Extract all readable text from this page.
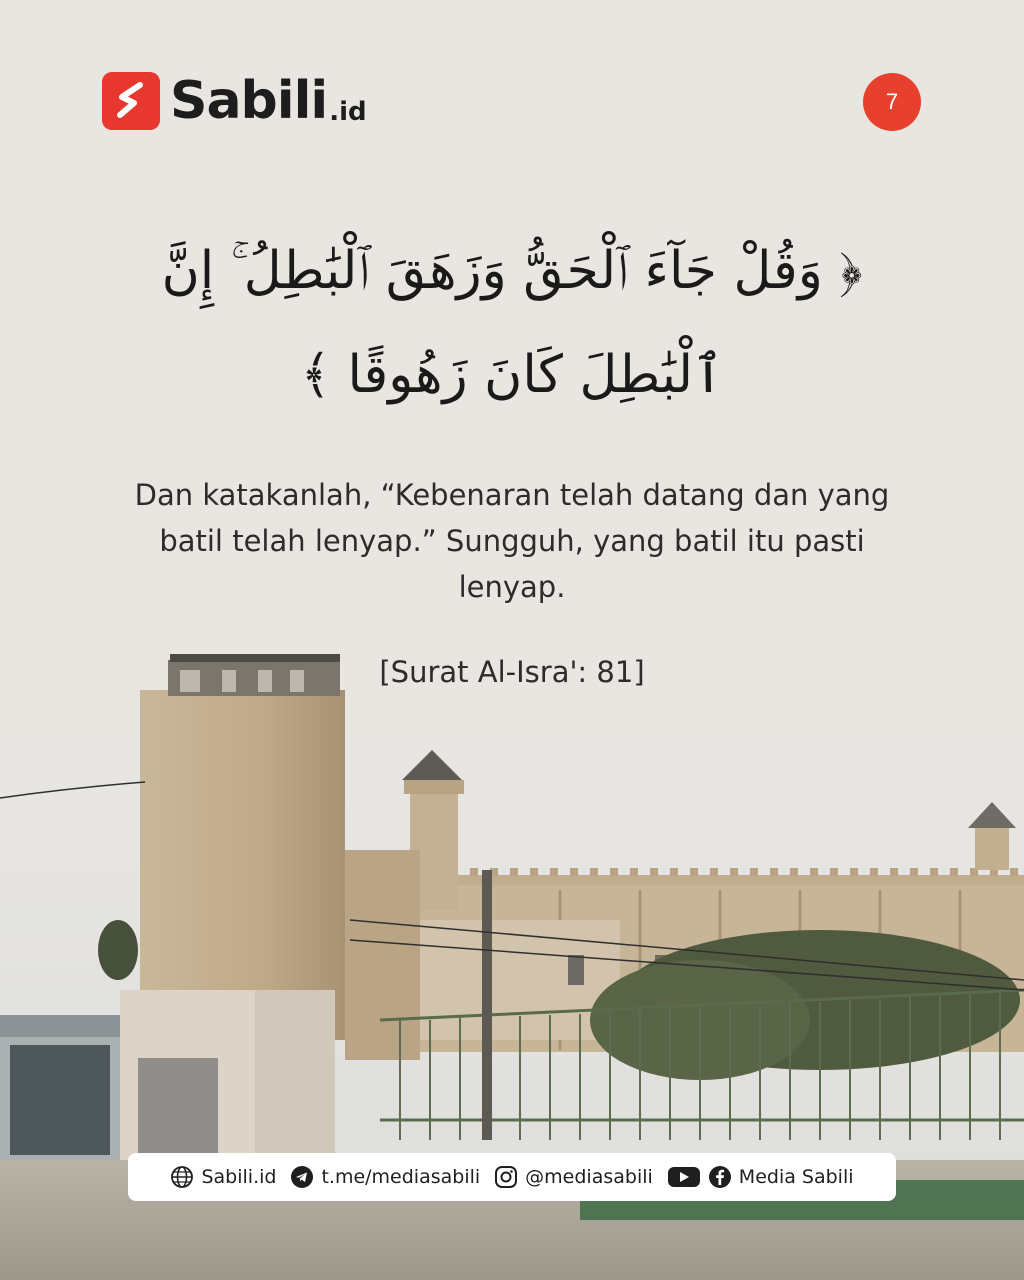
Sabili .id	7
﴿ وَقُلْ جَآءَ ٱلْحَقُّ وَزَهَقَ ٱلْبَٰطِلُ ۚ إِنَّ
ٱلْبَٰطِلَ كَانَ زَهُوقًا ﴾
Dan katakanlah, “Kebenaran telah datang dan yang batil telah lenyap.” Sungguh, yang batil itu pasti lenyap.
[Surat Al-Isra': 81]
Sabili.id t.me/mediasabili @mediasabili	Media Sabili
